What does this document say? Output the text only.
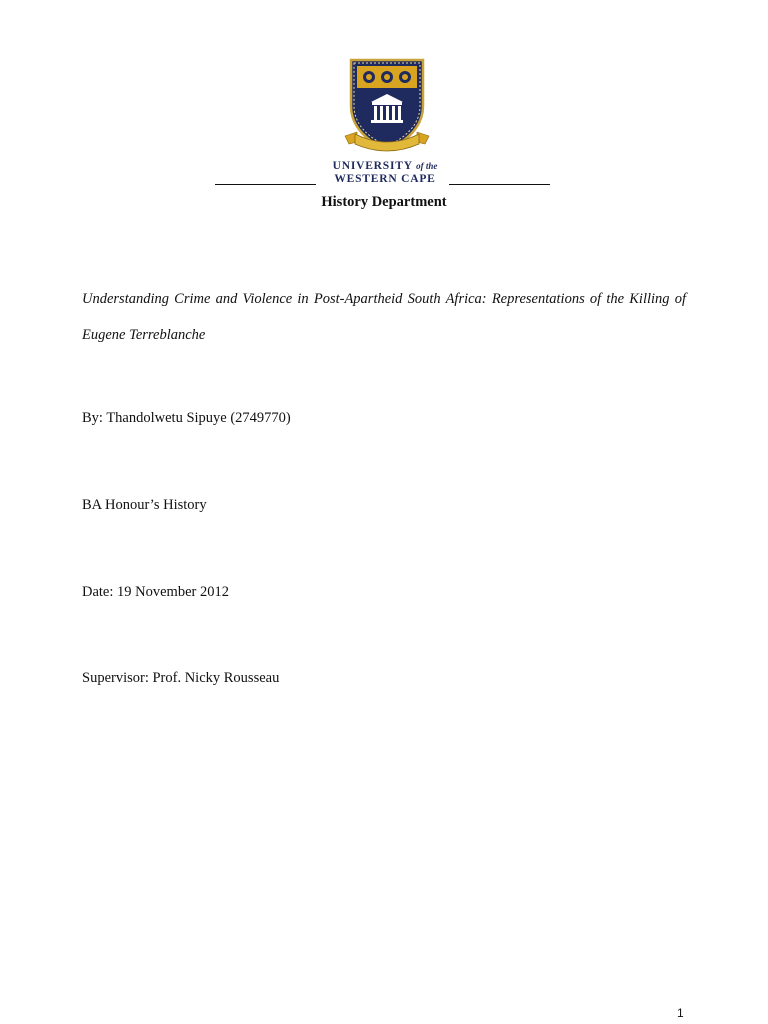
UNIVERSITY of the
WESTERN CAPE
History Department
Understanding Crime and Violence in Post-Apartheid South Africa: Representations of the Killing of Eugene Terreblanche
By: Thandolwetu Sipuye (2749770)
BA Honour’s History
Date: 19 November 2012
Supervisor: Prof. Nicky Rousseau
1
